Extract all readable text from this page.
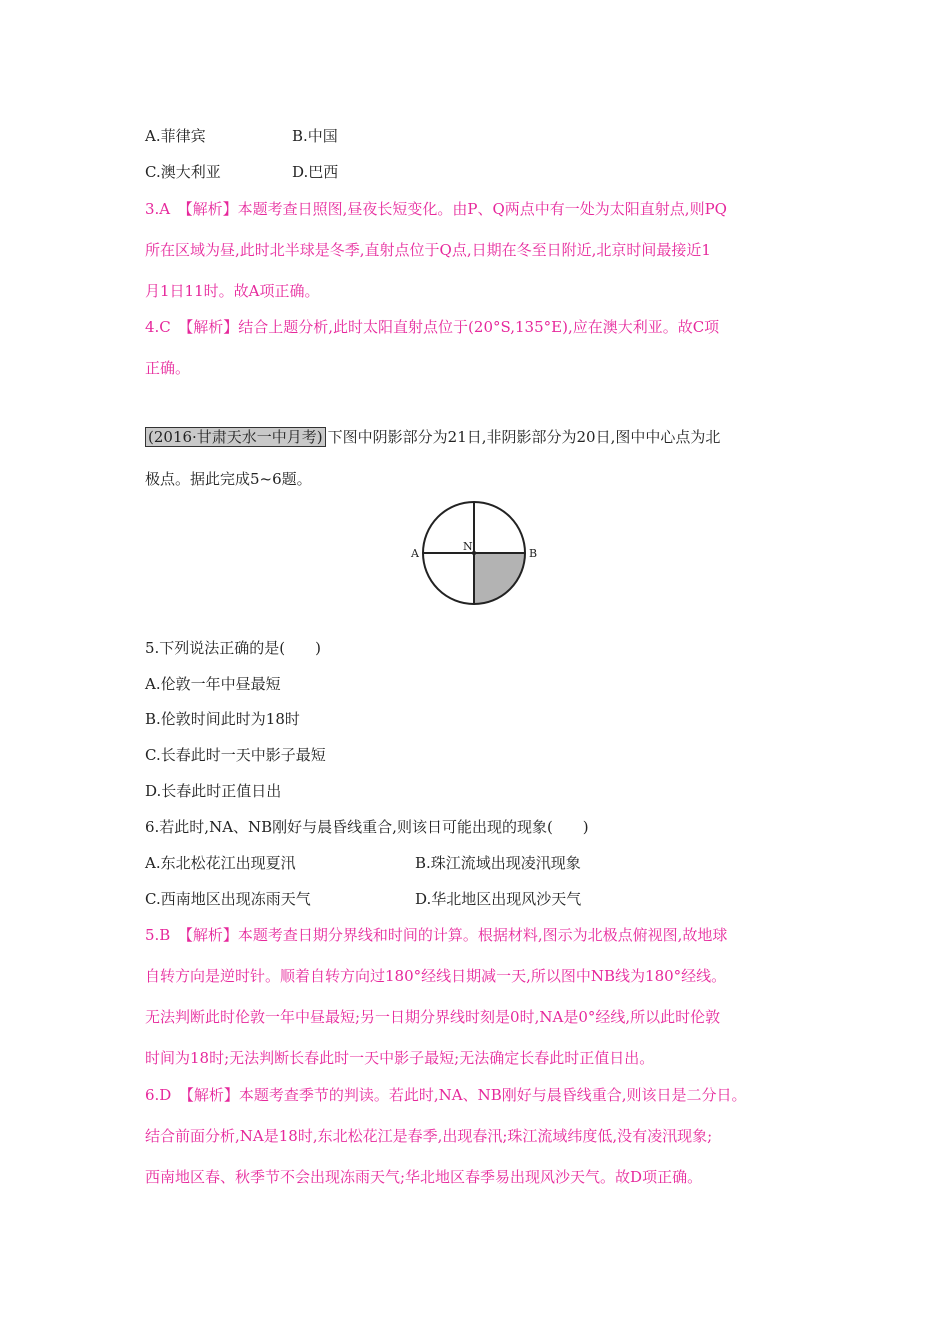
A.菲律宾	B.中国
C.澳大利亚	D.巴西
3.A　【解析】本题考查日照图,昼夜长短变化。由P、Q两点中有一处为太阳直射点,则PQ
所在区域为昼,此时北半球是冬季,直射点位于Q点,日期在冬至日附近,北京时间最接近1
月1日11时。故A项正确。
4.C　【解析】结合上题分析,此时太阳直射点位于(20°S,135°E),应在澳大利亚。故C项
正确。
(2016·甘肃天水一中月考) 下图中阴影部分为21日,非阴影部分为20日,图中中心点为北
极点。据此完成5~6题。
A	B
N
5.下列说法正确的是(　　)
A.伦敦一年中昼最短
B.伦敦时间此时为18时
C.长春此时一天中影子最短
D.长春此时正值日出
6.若此时,NA、NB刚好与晨昏线重合,则该日可能出现的现象(　　)
A.东北松花江出现夏汛	B.珠江流域出现凌汛现象
C.西南地区出现冻雨天气	D.华北地区出现风沙天气
5.B　【解析】本题考查日期分界线和时间的计算。根据材料,图示为北极点俯视图,故地球
自转方向是逆时针。顺着自转方向过180°经线日期减一天,所以图中NB线为180°经线。
无法判断此时伦敦一年中昼最短;另一日期分界线时刻是0时,NA是0°经线,所以此时伦敦
时间为18时;无法判断长春此时一天中影子最短;无法确定长春此时正值日出。
6.D　【解析】本题考查季节的判读。若此时,NA、NB刚好与晨昏线重合,则该日是二分日。
结合前面分析,NA是18时,东北松花江是春季,出现春汛;珠江流域纬度低,没有凌汛现象;
西南地区春、秋季节不会出现冻雨天气;华北地区春季易出现风沙天气。故D项正确。
